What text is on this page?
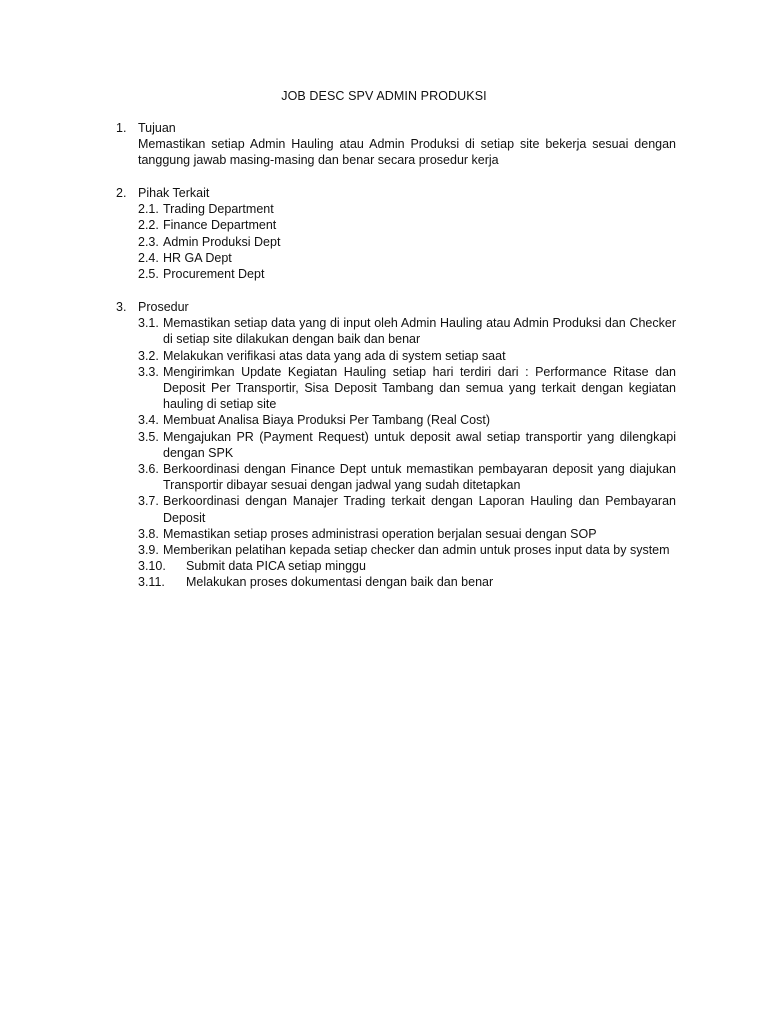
JOB DESC SPV ADMIN PRODUKSI
1. Tujuan
Memastikan setiap Admin Hauling atau Admin Produksi di setiap site bekerja sesuai dengan tanggung jawab masing-masing dan benar secara prosedur kerja
2. Pihak Terkait
2.1. Trading Department
2.2. Finance Department
2.3. Admin Produksi Dept
2.4. HR GA Dept
2.5. Procurement Dept
3. Prosedur
3.1. Memastikan setiap data yang di input oleh Admin Hauling atau Admin Produksi dan Checker di setiap site dilakukan dengan baik dan benar
3.2. Melakukan verifikasi atas data yang ada di system setiap saat
3.3. Mengirimkan Update Kegiatan Hauling setiap hari terdiri dari : Performance Ritase dan Deposit Per Transportir, Sisa Deposit Tambang dan semua yang terkait dengan kegiatan hauling di setiap site
3.4. Membuat Analisa Biaya Produksi Per Tambang (Real Cost)
3.5. Mengajukan PR (Payment Request) untuk deposit awal setiap transportir yang dilengkapi dengan SPK
3.6. Berkoordinasi dengan Finance Dept untuk memastikan pembayaran deposit yang diajukan Transportir dibayar sesuai dengan jadwal yang sudah ditetapkan
3.7. Berkoordinasi dengan Manajer Trading terkait dengan Laporan Hauling dan Pembayaran Deposit
3.8. Memastikan setiap proses administrasi operation berjalan sesuai dengan SOP
3.9. Memberikan pelatihan kepada setiap checker dan admin untuk proses input data by system
3.10.	Submit data PICA setiap minggu
3.11.	Melakukan proses dokumentasi dengan baik dan benar
